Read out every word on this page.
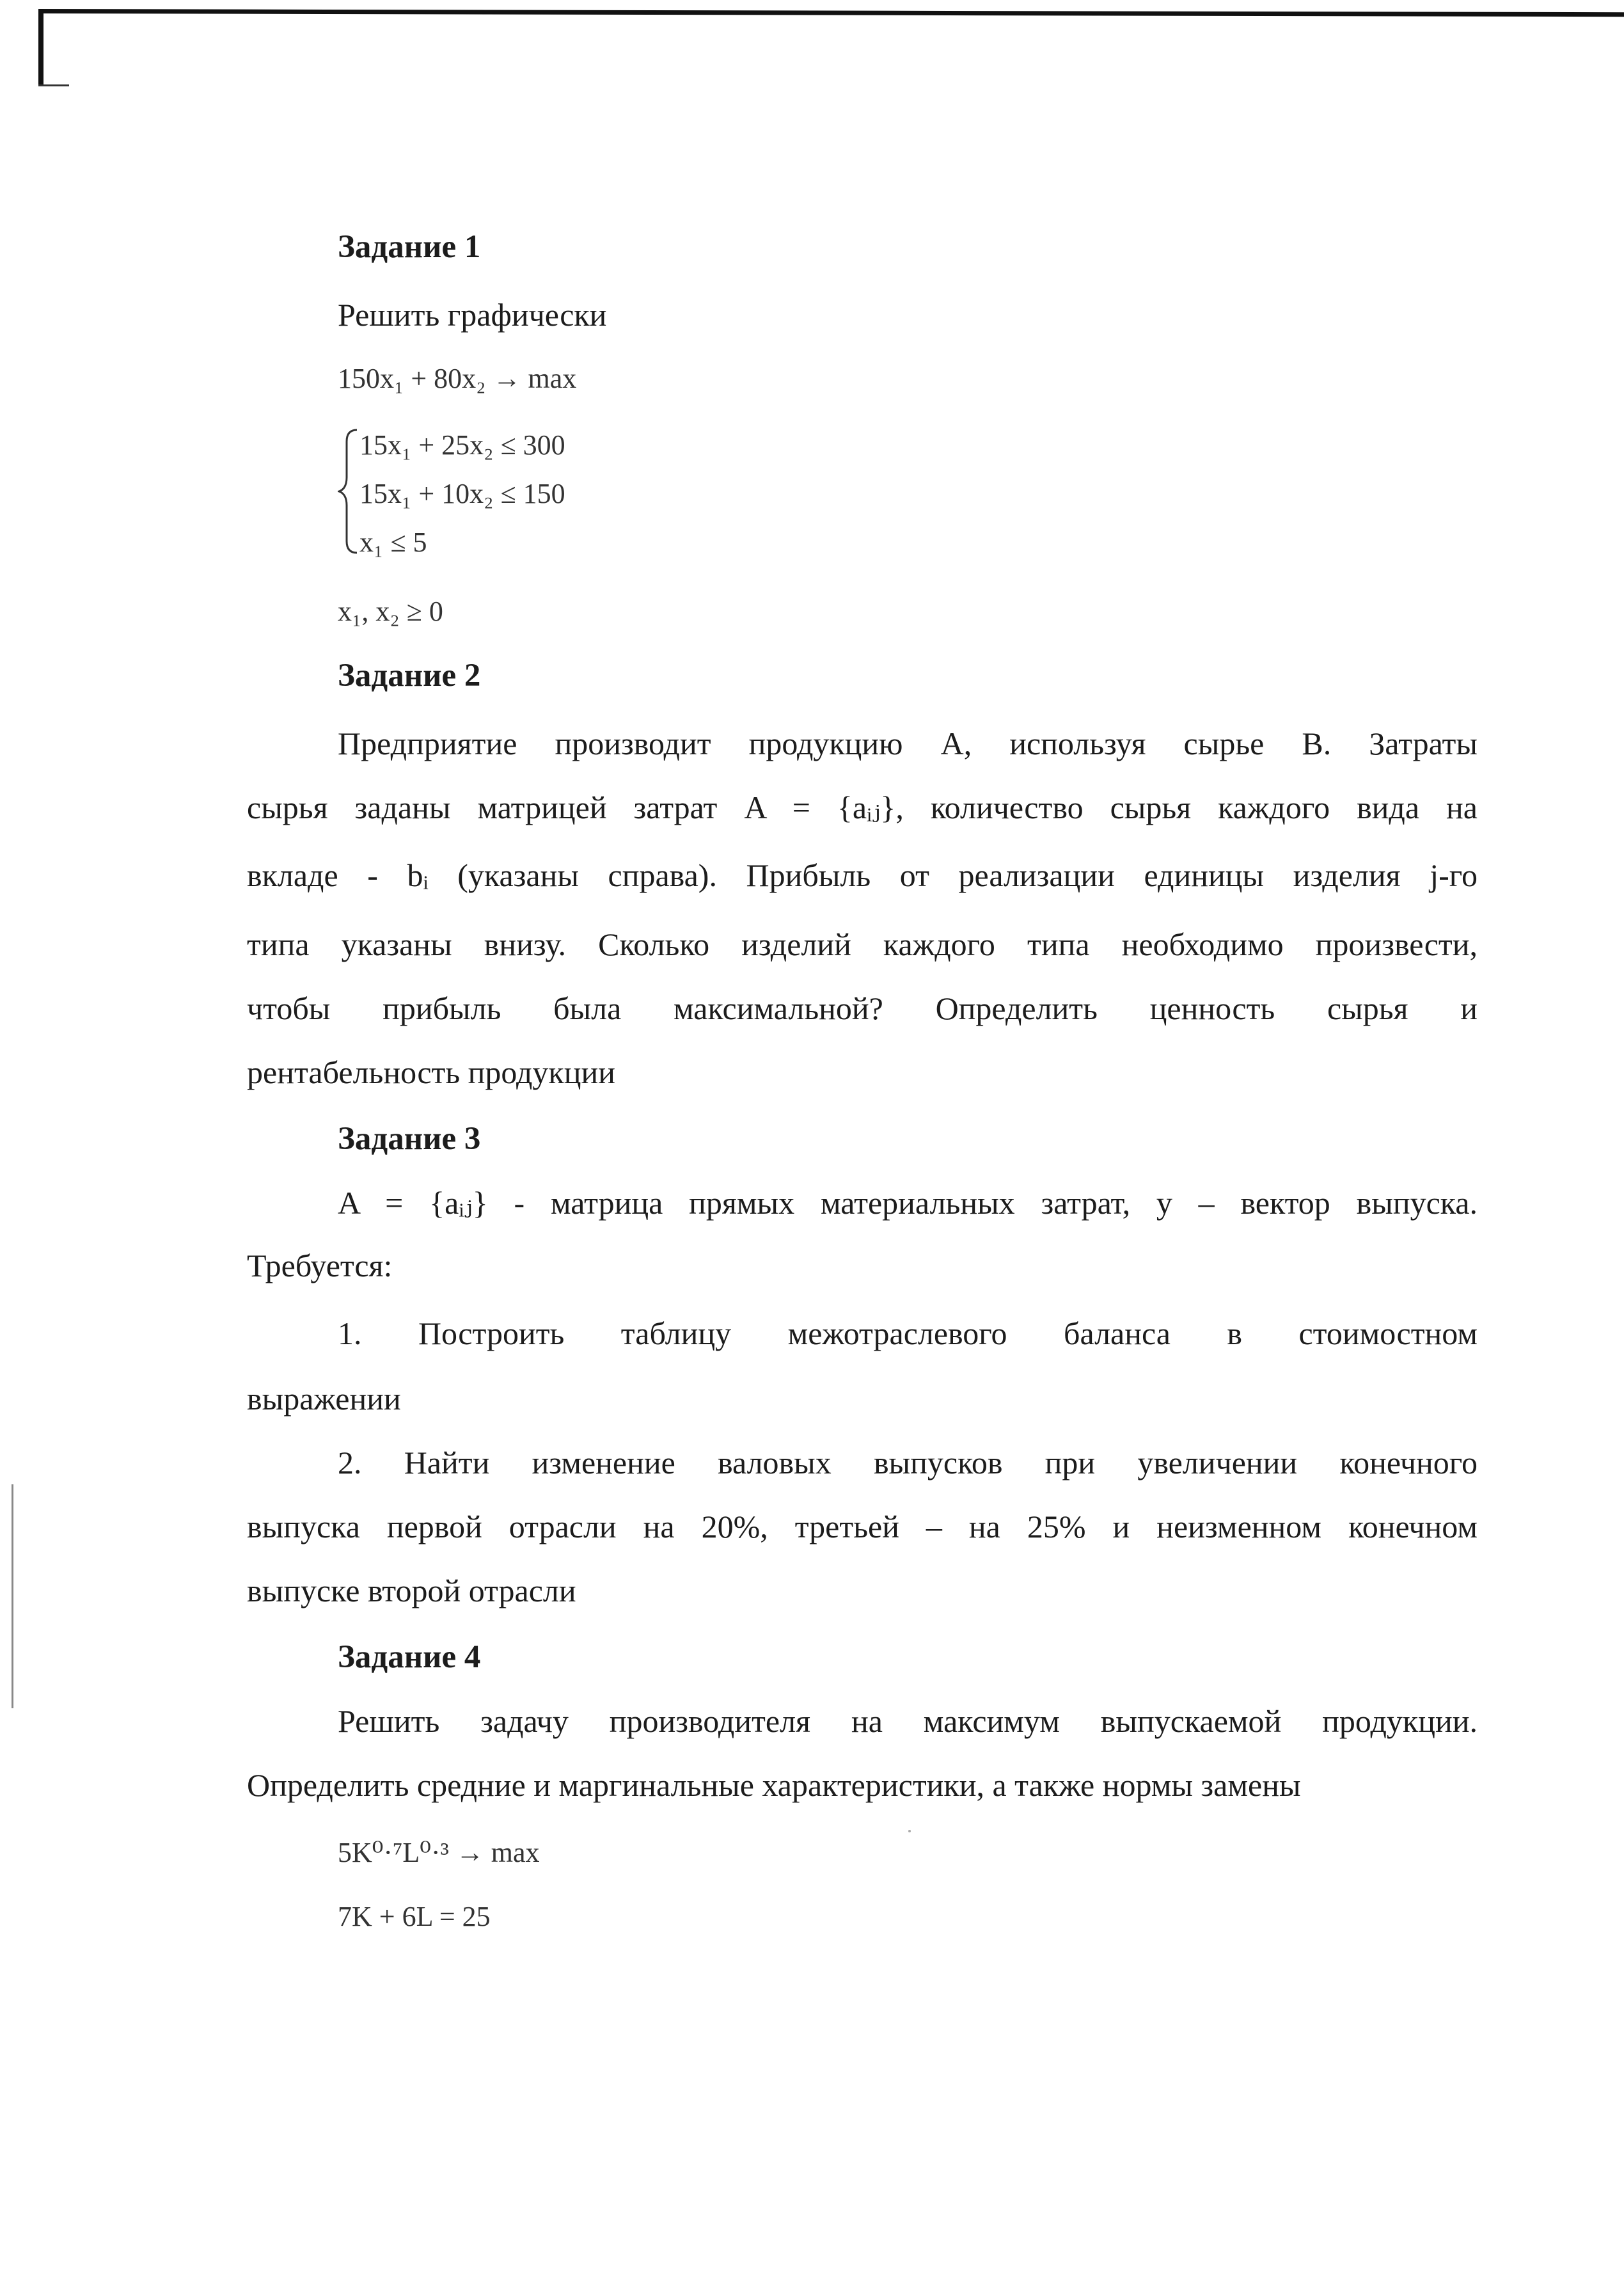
Задание 1
Решить графически
150x₁ + 80x₂ → max
15x₁ + 25x₂ ≤ 300
15x₁ + 10x₂ ≤ 150
x₁ ≤ 5
x₁, x₂ ≥ 0
Задание 2
Предприятие производит продукцию А, используя сырье В. Затраты
сырья заданы матрицей затрат A = {aᵢⱼ}, количество сырья каждого вида на
вкладе - bᵢ (указаны справа). Прибыль от реализации единицы изделия j-го
типа указаны внизу. Сколько изделий каждого типа необходимо произвести,
чтобы прибыль была максимальной? Определить ценность сырья и
рентабельность продукции
Задание 3
A = {aᵢⱼ} - матрица прямых материальных затрат, y – вектор выпуска.
Требуется:
1. Построить таблицу межотраслевого баланса в стоимостном
выражении
2. Найти изменение валовых выпусков при увеличении конечного
выпуска первой отрасли на 20%, третьей – на 25% и неизменном конечном
выпуске второй отрасли
Задание 4
Решить задачу производителя на максимум выпускаемой продукции.
Определить средние и маргинальные характеристики, а также нормы замены
5K⁰·⁷L⁰·³ → max
7K + 6L = 25
